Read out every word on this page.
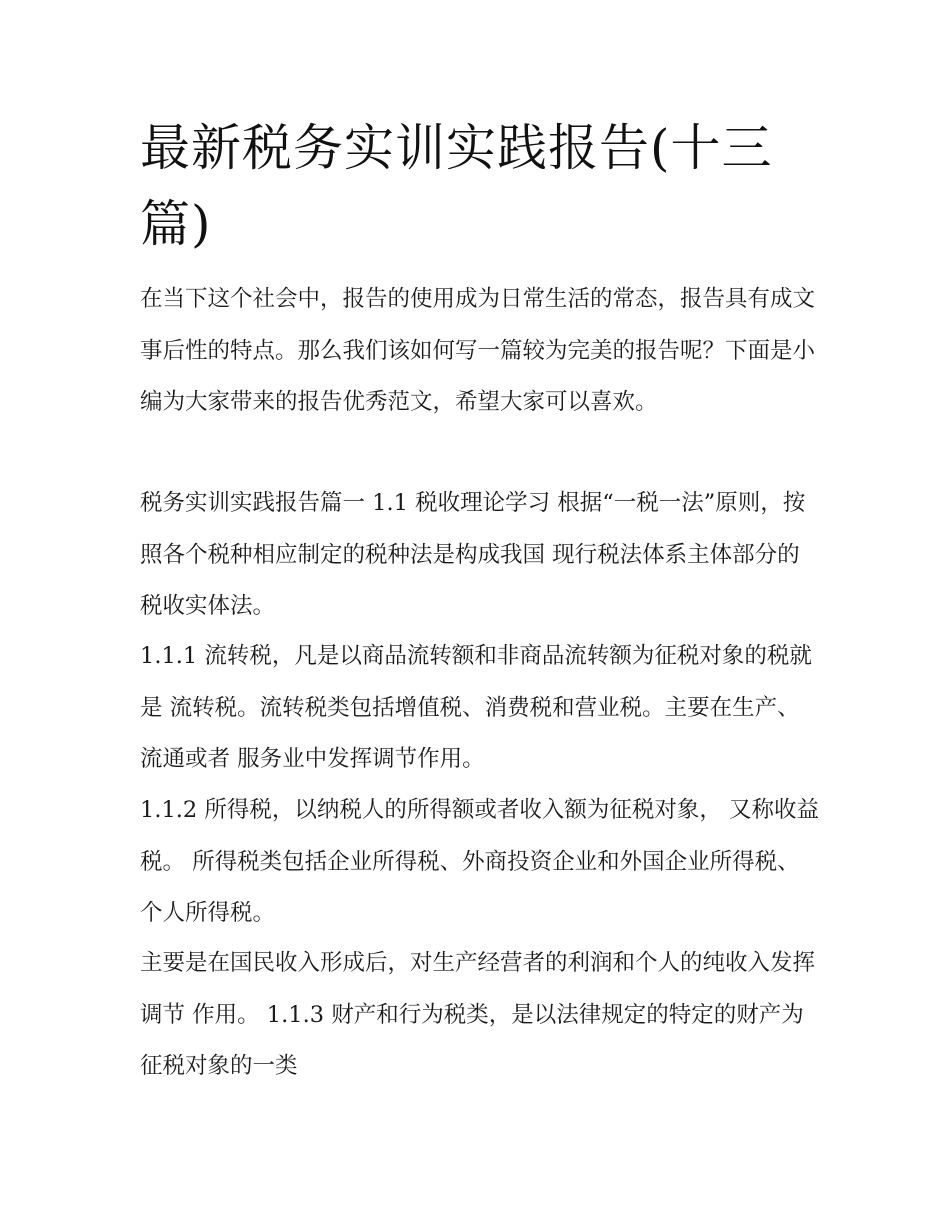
最新税务实训实践报告(十三篇)

在当下这个社会中，报告的使用成为日常生活的常态，报告具有成文事后性的特点。那么我们该如何写一篇较为完美的报告呢？下面是小编为大家带来的报告优秀范文，希望大家可以喜欢。

税务实训实践报告篇一 1.1 税收理论学习 根据“一税一法”原则，按照各个税种相应制定的税种法是构成我国 现行税法体系主体部分的税收实体法。

1.1.1 流转税，凡是以商品流转额和非商品流转额为征税对象的税就是 流转税。流转税类包括增值税、消费税和营业税。主要在生产、流通或者 服务业中发挥调节作用。

1.1.2 所得税，以纳税人的所得额或者收入额为征税对象， 又称收益税。 所得税类包括企业所得税、外商投资企业和外国企业所得税、个人所得税。

主要是在国民收入形成后，对生产经营者的利润和个人的纯收入发挥调节 作用。 1.1.3 财产和行为税类，是以法律规定的特定的财产为征税对象的一类
